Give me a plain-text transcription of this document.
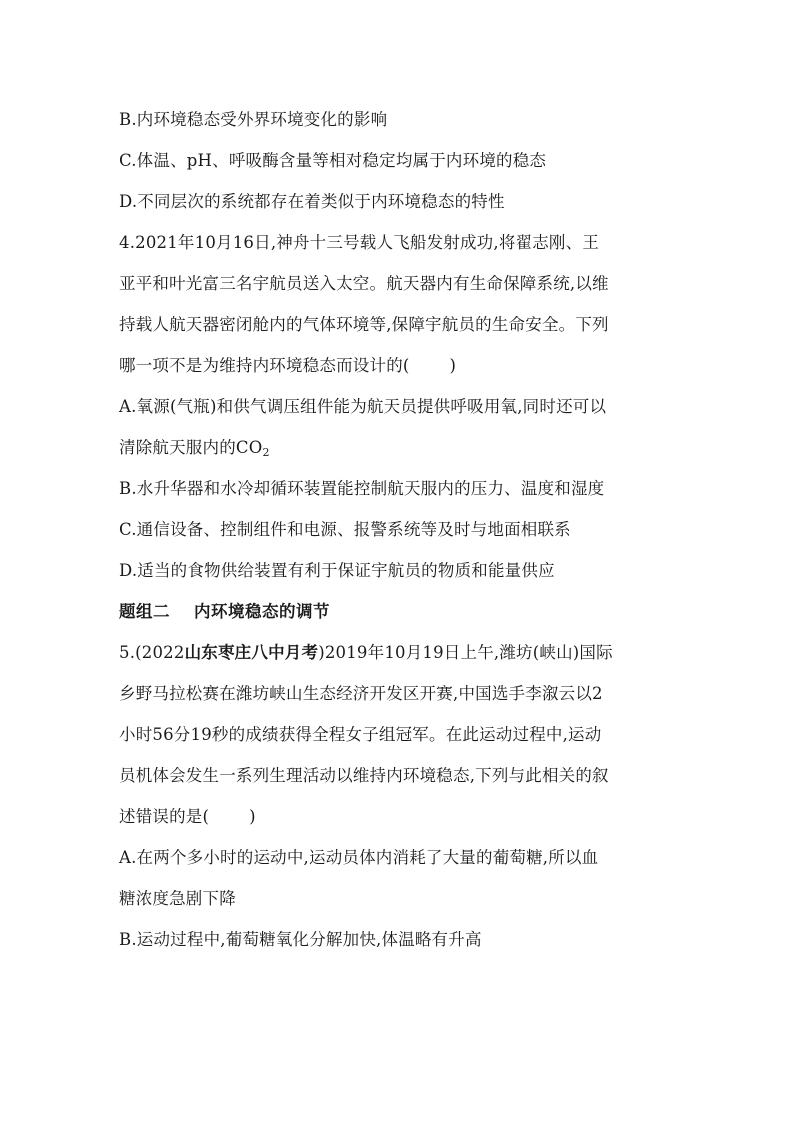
B.内环境稳态受外界环境变化的影响
C.体温、pH、呼吸酶含量等相对稳定均属于内环境的稳态
D.不同层次的系统都存在着类似于内环境稳态的特性
4.2021年10月16日,神舟十三号载人飞船发射成功,将翟志刚、王
亚平和叶光富三名宇航员送入太空。航天器内有生命保障系统,以维
持载人航天器密闭舱内的气体环境等,保障宇航员的生命安全。下列
哪一项不是为维持内环境稳态而设计的( )
A.氧源(气瓶)和供气调压组件能为航天员提供呼吸用氧,同时还可以
清除航天服内的$CO_2$
B.水升华器和水冷却循环装置能控制航天服内的压力、温度和湿度
C.通信设备、控制组件和电源、报警系统等及时与地面相联系
D.适当的食物供给装置有利于保证宇航员的物质和能量供应
题组二 内环境稳态的调节
5.(2022山东枣庄八中月考)2019年10月19日上午,潍坊(峡山)国际
乡野马拉松赛在潍坊峡山生态经济开发区开赛,中国选手李溆云以2
小时56分19秒的成绩获得全程女子组冠军。在此运动过程中,运动
员机体会发生一系列生理活动以维持内环境稳态,下列与此相关的叙
述错误的是( )
A.在两个多小时的运动中,运动员体内消耗了大量的葡萄糖,所以血
糖浓度急剧下降
B.运动过程中,葡萄糖氧化分解加快,体温略有升高
